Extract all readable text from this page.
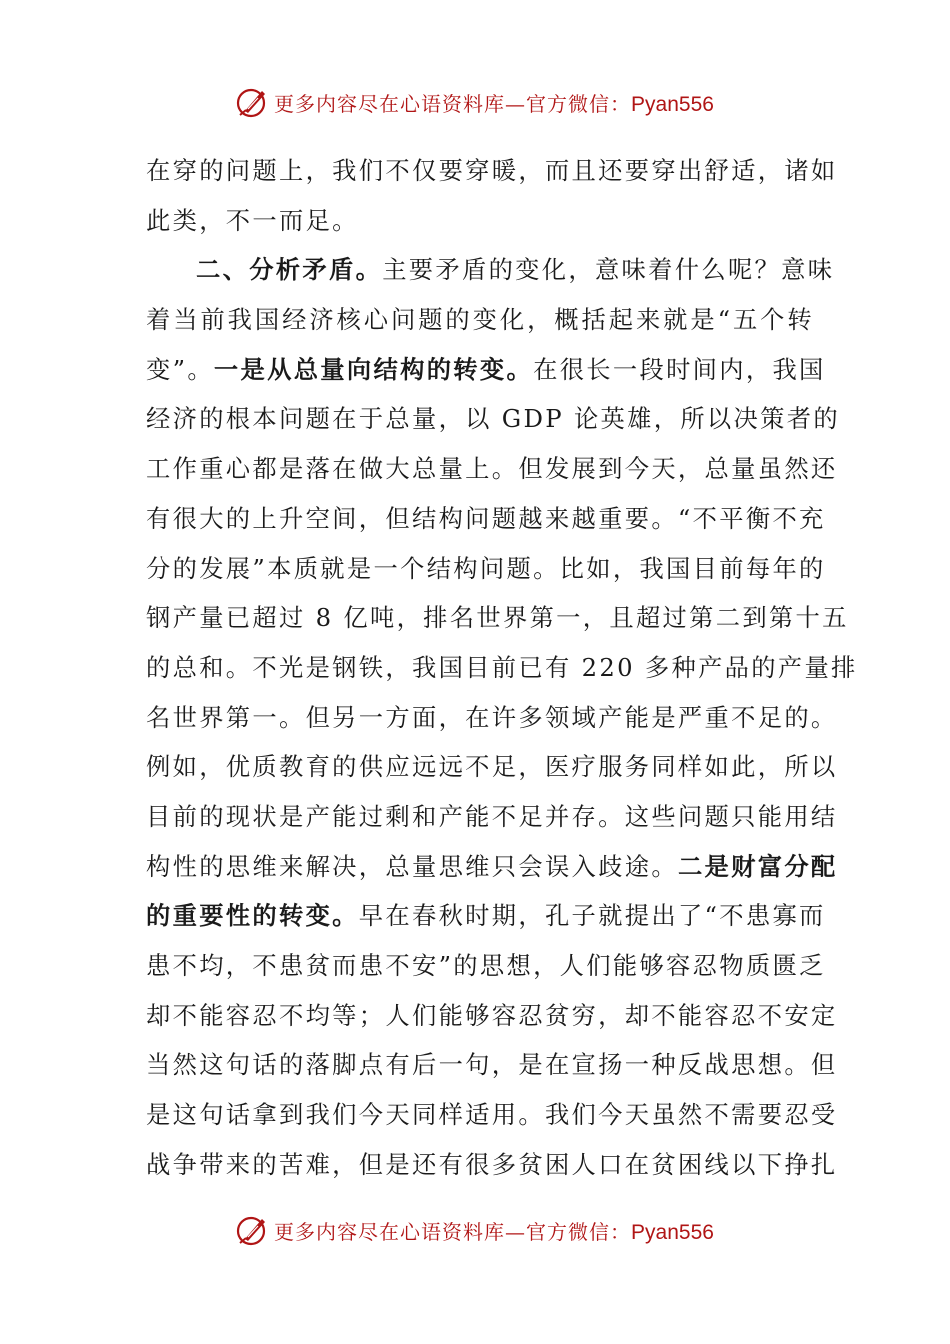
更多内容尽在心语资料库—官方微信：Pyan556
在穿的问题上，我们不仅要穿暖，而且还要穿出舒适，诸如
此类，不一而足。
二、分析矛盾。主要矛盾的变化，意味着什么呢？意味
着当前我国经济核心问题的变化，概括起来就是“五个转
变”。一是从总量向结构的转变。在很长一段时间内，我国
经济的根本问题在于总量，以 GDP 论英雄，所以决策者的
工作重心都是落在做大总量上。但发展到今天，总量虽然还
有很大的上升空间，但结构问题越来越重要。“不平衡不充
分的发展”本质就是一个结构问题。比如，我国目前每年的
钢产量已超过 8 亿吨，排名世界第一，且超过第二到第十五
的总和。不光是钢铁，我国目前已有 220 多种产品的产量排
名世界第一。但另一方面，在许多领域产能是严重不足的。
例如，优质教育的供应远远不足，医疗服务同样如此，所以
目前的现状是产能过剩和产能不足并存。这些问题只能用结
构性的思维来解决，总量思维只会误入歧途。二是财富分配
的重要性的转变。早在春秋时期，孔子就提出了“不患寡而
患不均，不患贫而患不安”的思想，人们能够容忍物质匮乏
却不能容忍不均等；人们能够容忍贫穷，却不能容忍不安定
当然这句话的落脚点有后一句，是在宣扬一种反战思想。但
是这句话拿到我们今天同样适用。我们今天虽然不需要忍受
战争带来的苦难，但是还有很多贫困人口在贫困线以下挣扎
更多内容尽在心语资料库—官方微信：Pyan556
